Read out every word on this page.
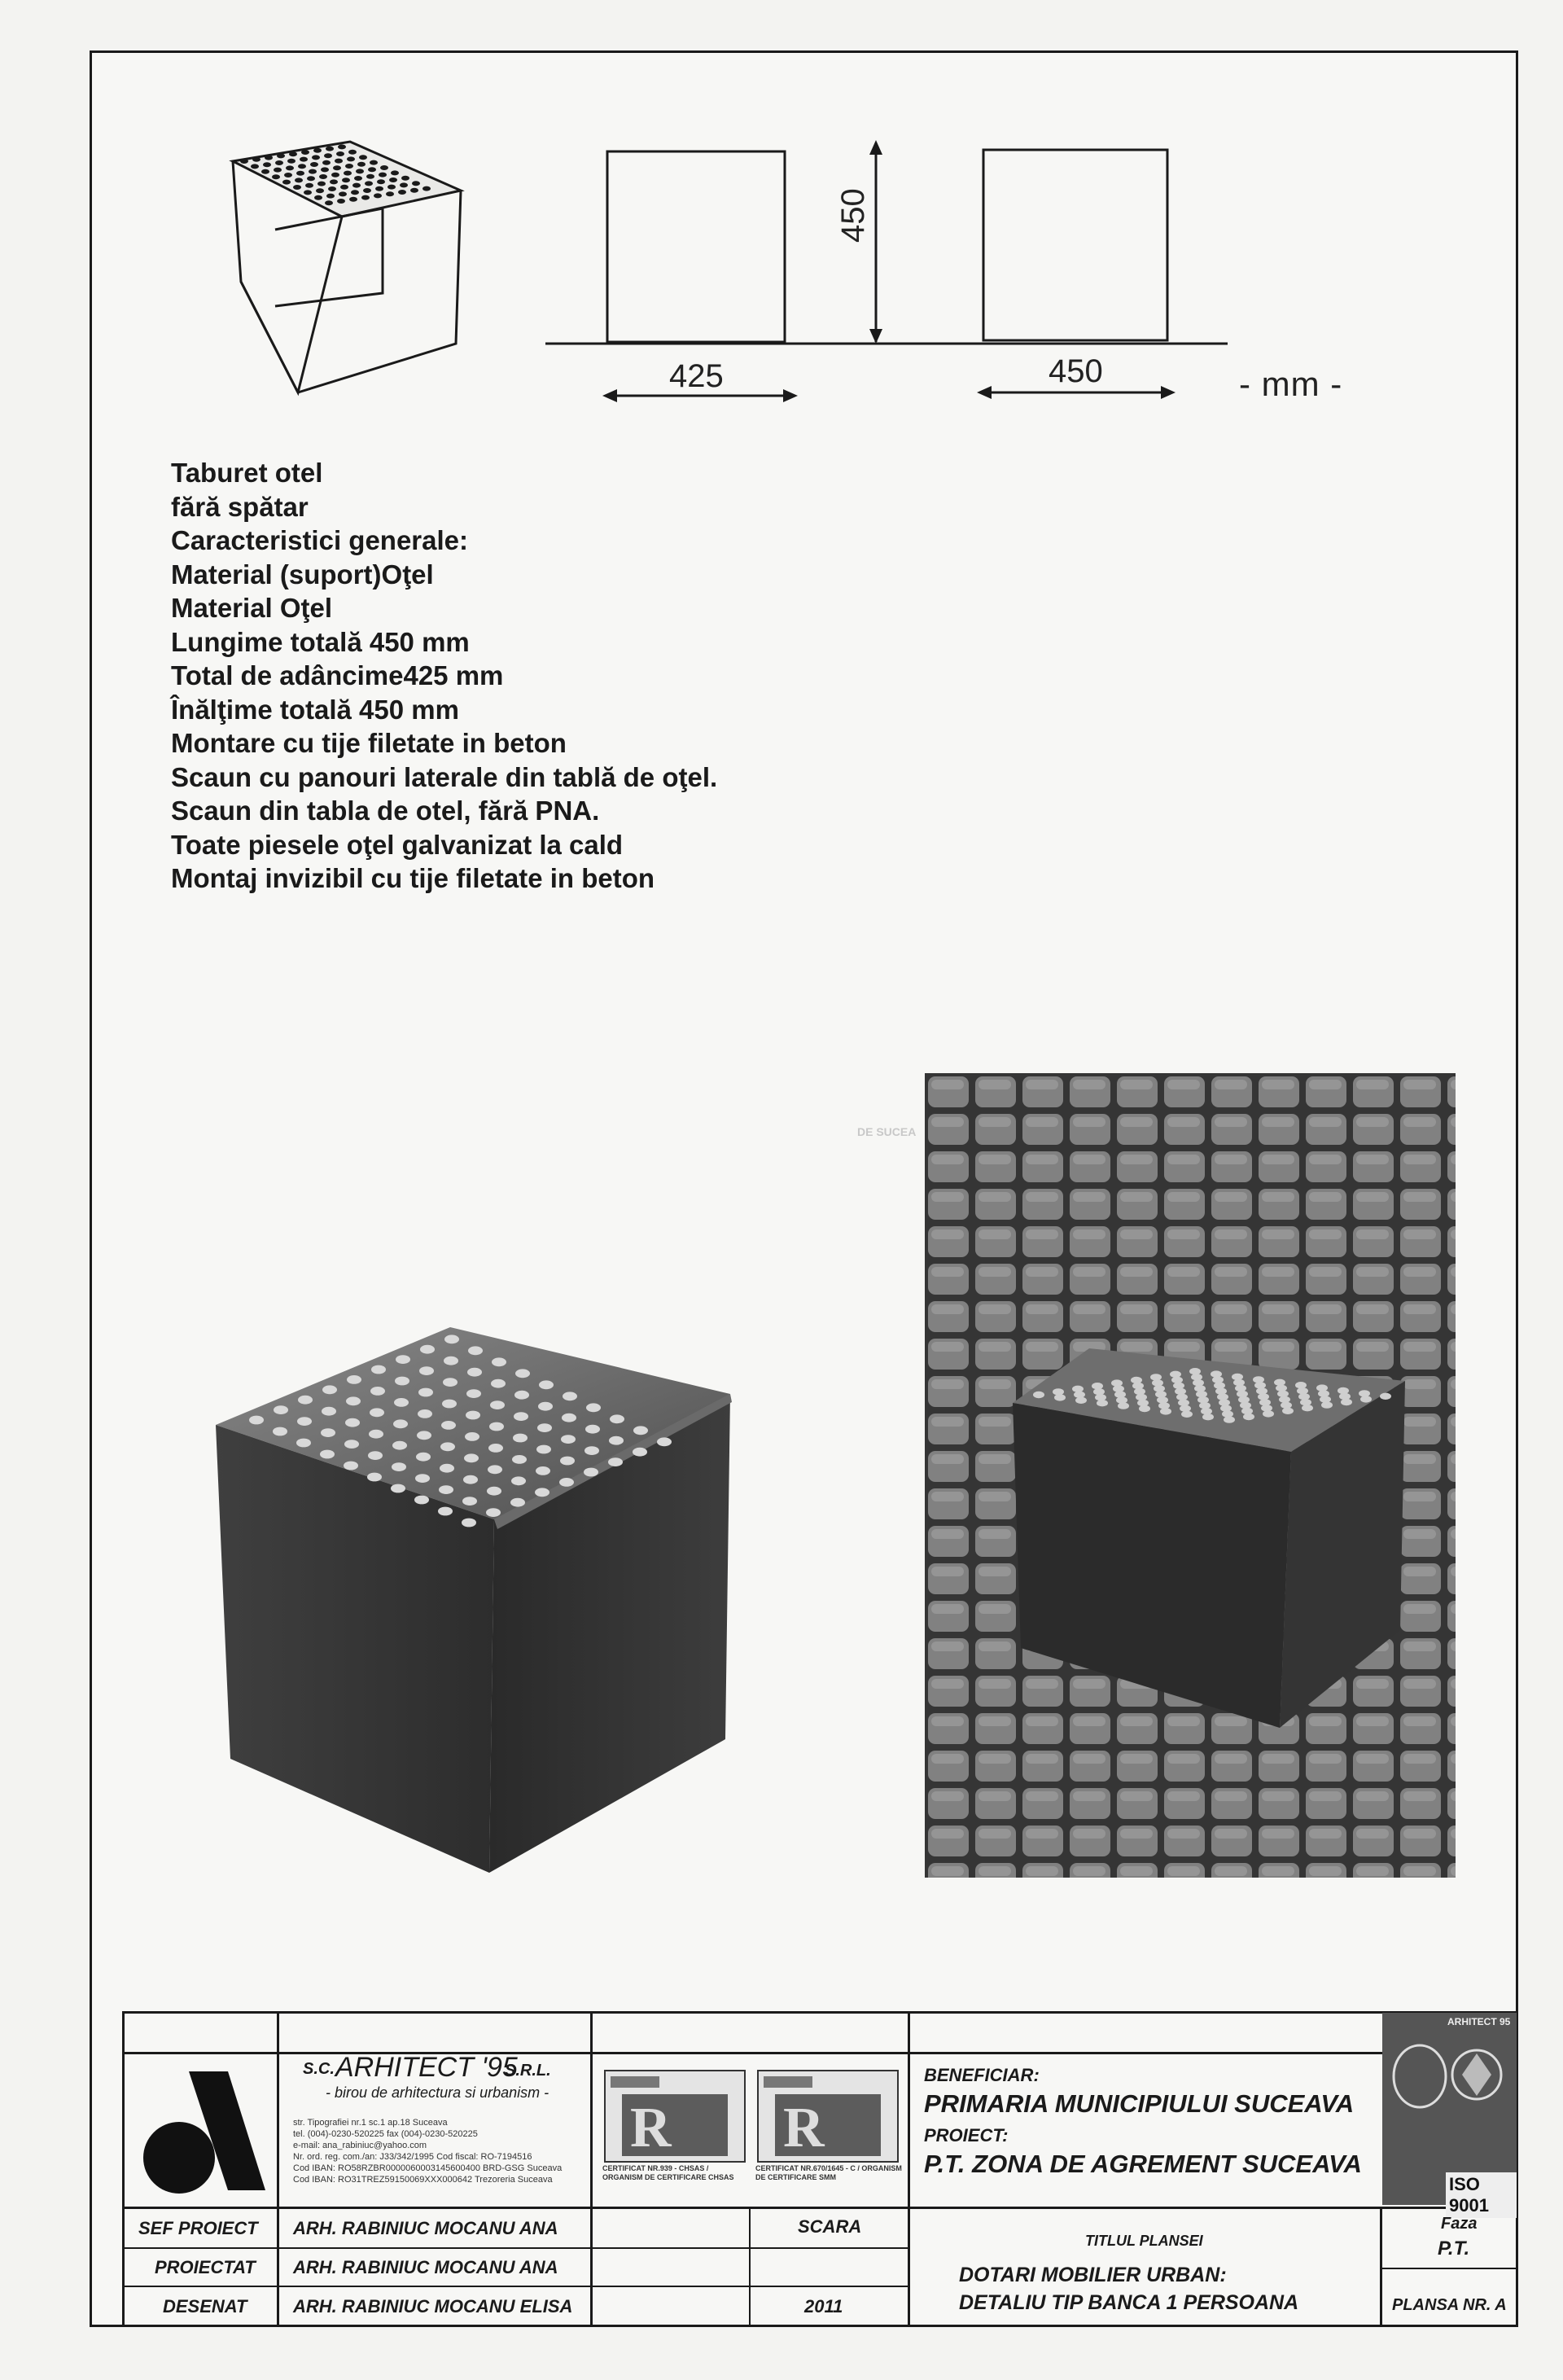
450
425	450	- mm -
Taburet otel
fără spătar
Caracteristici generale:
Material (suport)Oţel
Material Oţel
Lungime totală 450 mm
Total de adâncime425 mm
Înălţime totală 450 mm
Montare cu tije filetate in beton
Scaun cu panouri laterale din tablă de oţel.
Scaun din tabla de otel, fără PNA.
Toate piesele oţel galvanizat la cald
Montaj invizibil cu tije filetate in beton
DE SUCEA
S.C. ARHITECT '95
S.R.L.
- birou de arhitectura si urbanism -
str. Tipografiei nr.1 sc.1 ap.18 Suceava
tel. (004)-0230-520225 fax (004)-0230-520225
e-mail: ana_rabiniuc@yahoo.com
Nr. ord. reg. com./an: J33/342/1995 Cod fiscal: RO-7194516
Cod IBAN: RO58RZBR0000060003145600400 BRD-GSG Suceava
Cod IBAN: RO31TREZ59150069XXX000642 Trezoreria Suceava
R R
CERTIFICAT NR.939 - CHSAS / ORGANISM DE CERTIFICARE CHSAS
CERTIFICAT NR.670/1645 - C / ORGANISM DE CERTIFICARE SMM
BENEFICIAR:
PRIMARIA MUNICIPIULUI SUCEAVA
PROIECT:
P.T. ZONA DE AGREMENT SUCEAVA
ARHITECT 95
ISO 9001
SEF PROIECT ARH. RABINIUC MOCANU ANA
PROIECTAT ARH. RABINIUC MOCANU ANA
DESENAT	ARH. RABINIUC MOCANU ELISA
SCARA
2011
TITLUL PLANSEI
DOTARI MOBILIER URBAN:
DETALIU TIP BANCA 1 PERSOANA
Faza
P.T.
PLANSA NR. A
